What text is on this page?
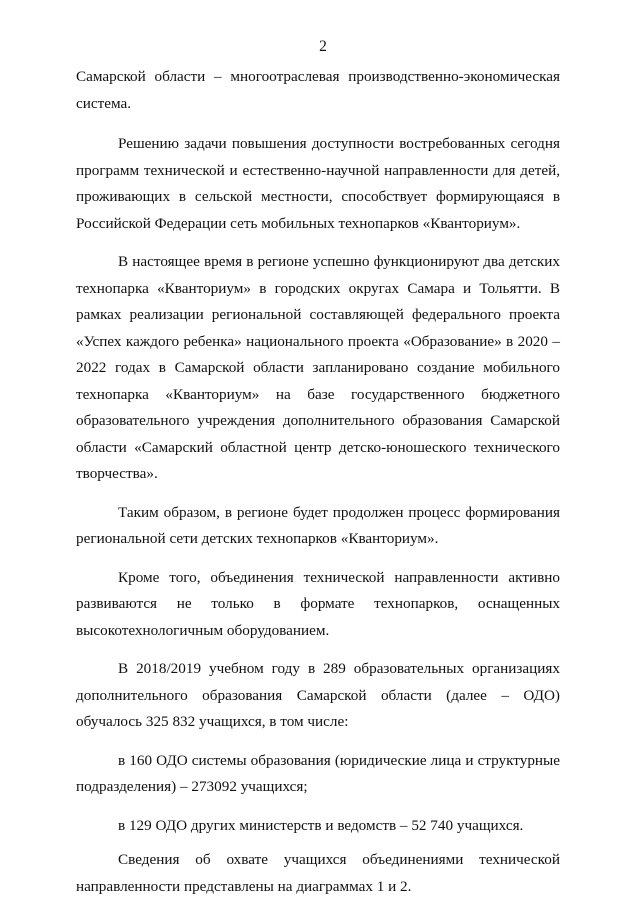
2

Самарской области – многоотраслевая производственно-экономическая система.

Решению задачи повышения доступности востребованных сегодня программ технической и естественно-научной направленности для детей, проживающих в сельской местности, способствует формирующаяся в Российской Федерации сеть мобильных технопарков «Кванториум».

В настоящее время в регионе успешно функционируют два детских технопарка «Кванториум» в городских округах Самара и Тольятти. В рамках реализации региональной составляющей федерального проекта «Успех каждого ребенка» национального проекта «Образование» в 2020 – 2022 годах в Самарской области запланировано создание мобильного технопарка «Кванториум» на базе государственного бюджетного образовательного учреждения дополнительного образования Самарской области «Самарский областной центр детско-юношеского технического творчества».

Таким образом, в регионе будет продолжен процесс формирования региональной сети детских технопарков «Кванториум».

Кроме того, объединения технической направленности активно развиваются не только в формате технопарков, оснащенных высокотехнологичным оборудованием.

В 2018/2019 учебном году в 289 образовательных организациях дополнительного образования Самарской области (далее – ОДО) обучалось 325 832 учащихся, в том числе:

в 160 ОДО системы образования (юридические лица и структурные подразделения) – 273092 учащихся;

в 129 ОДО других министерств и ведомств – 52 740 учащихся.

Сведения об охвате учащихся объединениями технической направленности представлены на диаграммах 1 и 2.
